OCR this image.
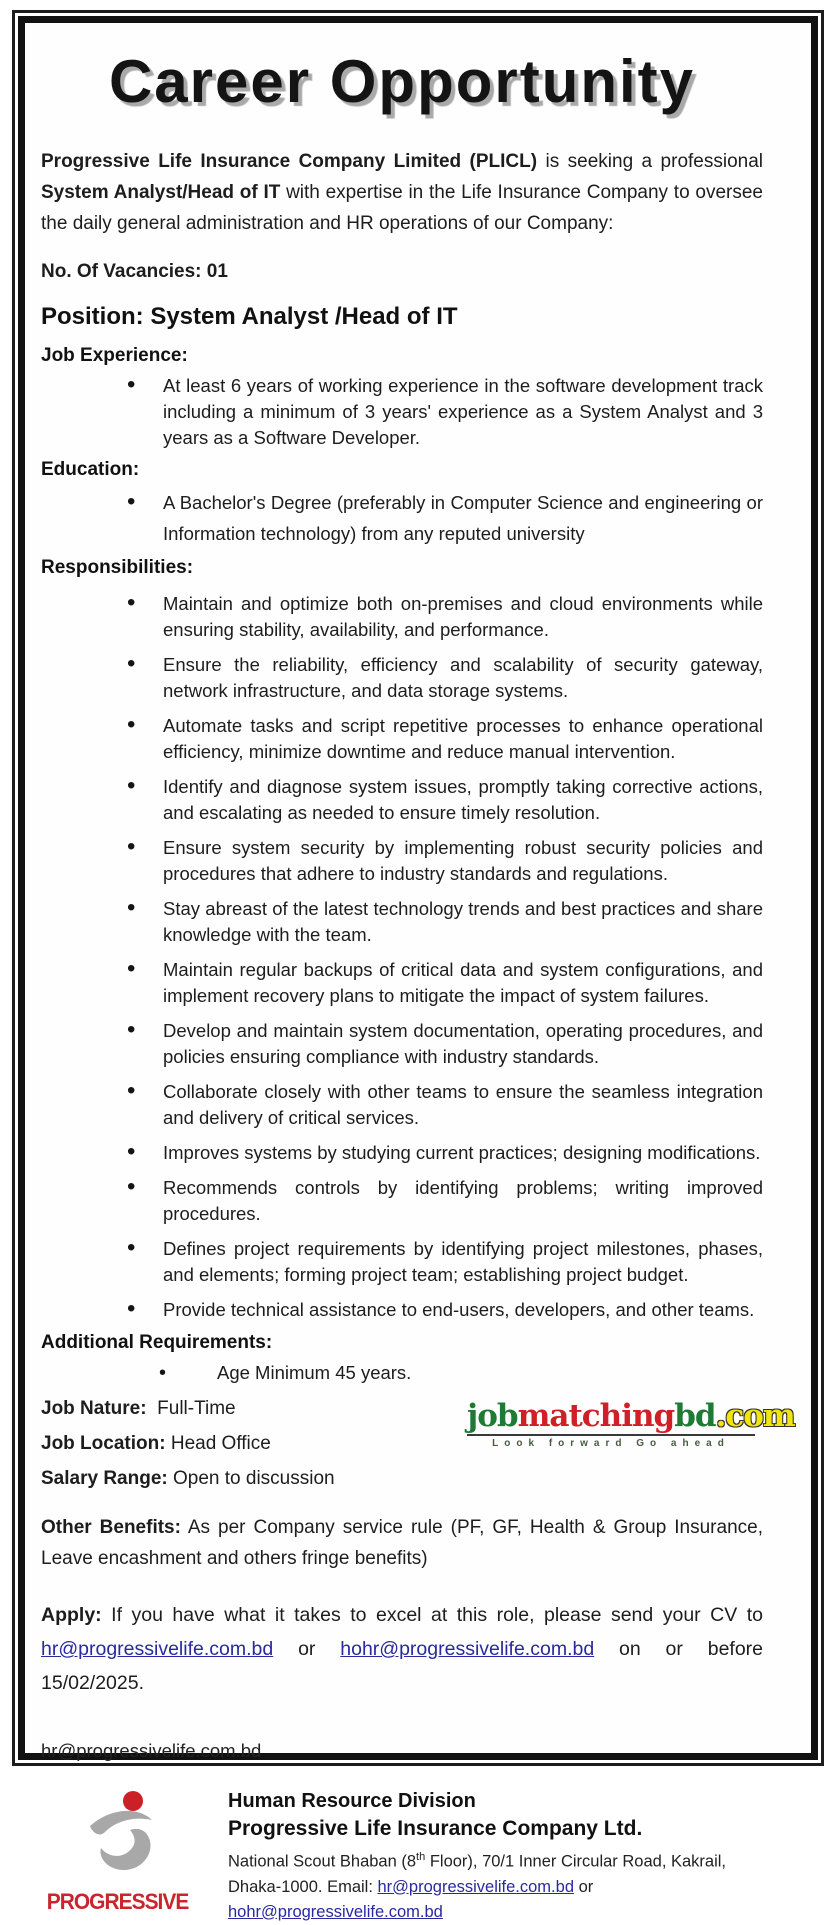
Career Opportunity

Progressive Life Insurance Company Limited (PLICL) is seeking a professional System Analyst/Head of IT with expertise in the Life Insurance Company to oversee the daily general administration and HR operations of our Company:

No. Of Vacancies: 01

Position: System Analyst /Head of IT
Job Experience:
• At least 6 years of working experience in the software development track including a minimum of 3 years' experience as a System Analyst and 3 years as a Software Developer.
Education:
• A Bachelor's Degree (preferably in Computer Science and engineering or Information technology) from any reputed university
Responsibilities:
• Maintain and optimize both on-premises and cloud environments while ensuring stability, availability, and performance.
• Ensure the reliability, efficiency and scalability of security gateway, network infrastructure, and data storage systems.
• Automate tasks and script repetitive processes to enhance operational efficiency, minimize downtime and reduce manual intervention.
• Identify and diagnose system issues, promptly taking corrective actions, and escalating as needed to ensure timely resolution.
• Ensure system security by implementing robust security policies and procedures that adhere to industry standards and regulations.
• Stay abreast of the latest technology trends and best practices and share knowledge with the team.
• Maintain regular backups of critical data and system configurations, and implement recovery plans to mitigate the impact of system failures.
• Develop and maintain system documentation, operating procedures, and policies ensuring compliance with industry standards.
• Collaborate closely with other teams to ensure the seamless integration and delivery of critical services.
• Improves systems by studying current practices; designing modifications.
• Recommends controls by identifying problems; writing improved procedures.
• Defines project requirements by identifying project milestones, phases, and elements; forming project team; establishing project budget.
• Provide technical assistance to end-users, developers, and other teams.
Additional Requirements:
• Age Minimum 45 years.

Job Nature: Full-Time

Job Location: Head Office

Salary Range: Open to discussion

jobmatchingbd.com
Look forward Go ahead

Other Benefits: As per Company service rule (PF, GF, Health & Group Insurance, Leave encashment and others fringe benefits)

Apply: If you have what it takes to excel at this role, please send your CV to hr@progressivelife.com.bd or hohr@progressivelife.com.bd on or before 15/02/2025.

hr@progressivelife.com.bd

PROGRESSIVE
Human Resource Division
Progressive Life Insurance Company Ltd.
National Scout Bhaban (8th Floor), 70/1 Inner Circular Road, Kakrail, Dhaka-1000. Email: hr@progressivelife.com.bd or hohr@progressivelife.com.bd
